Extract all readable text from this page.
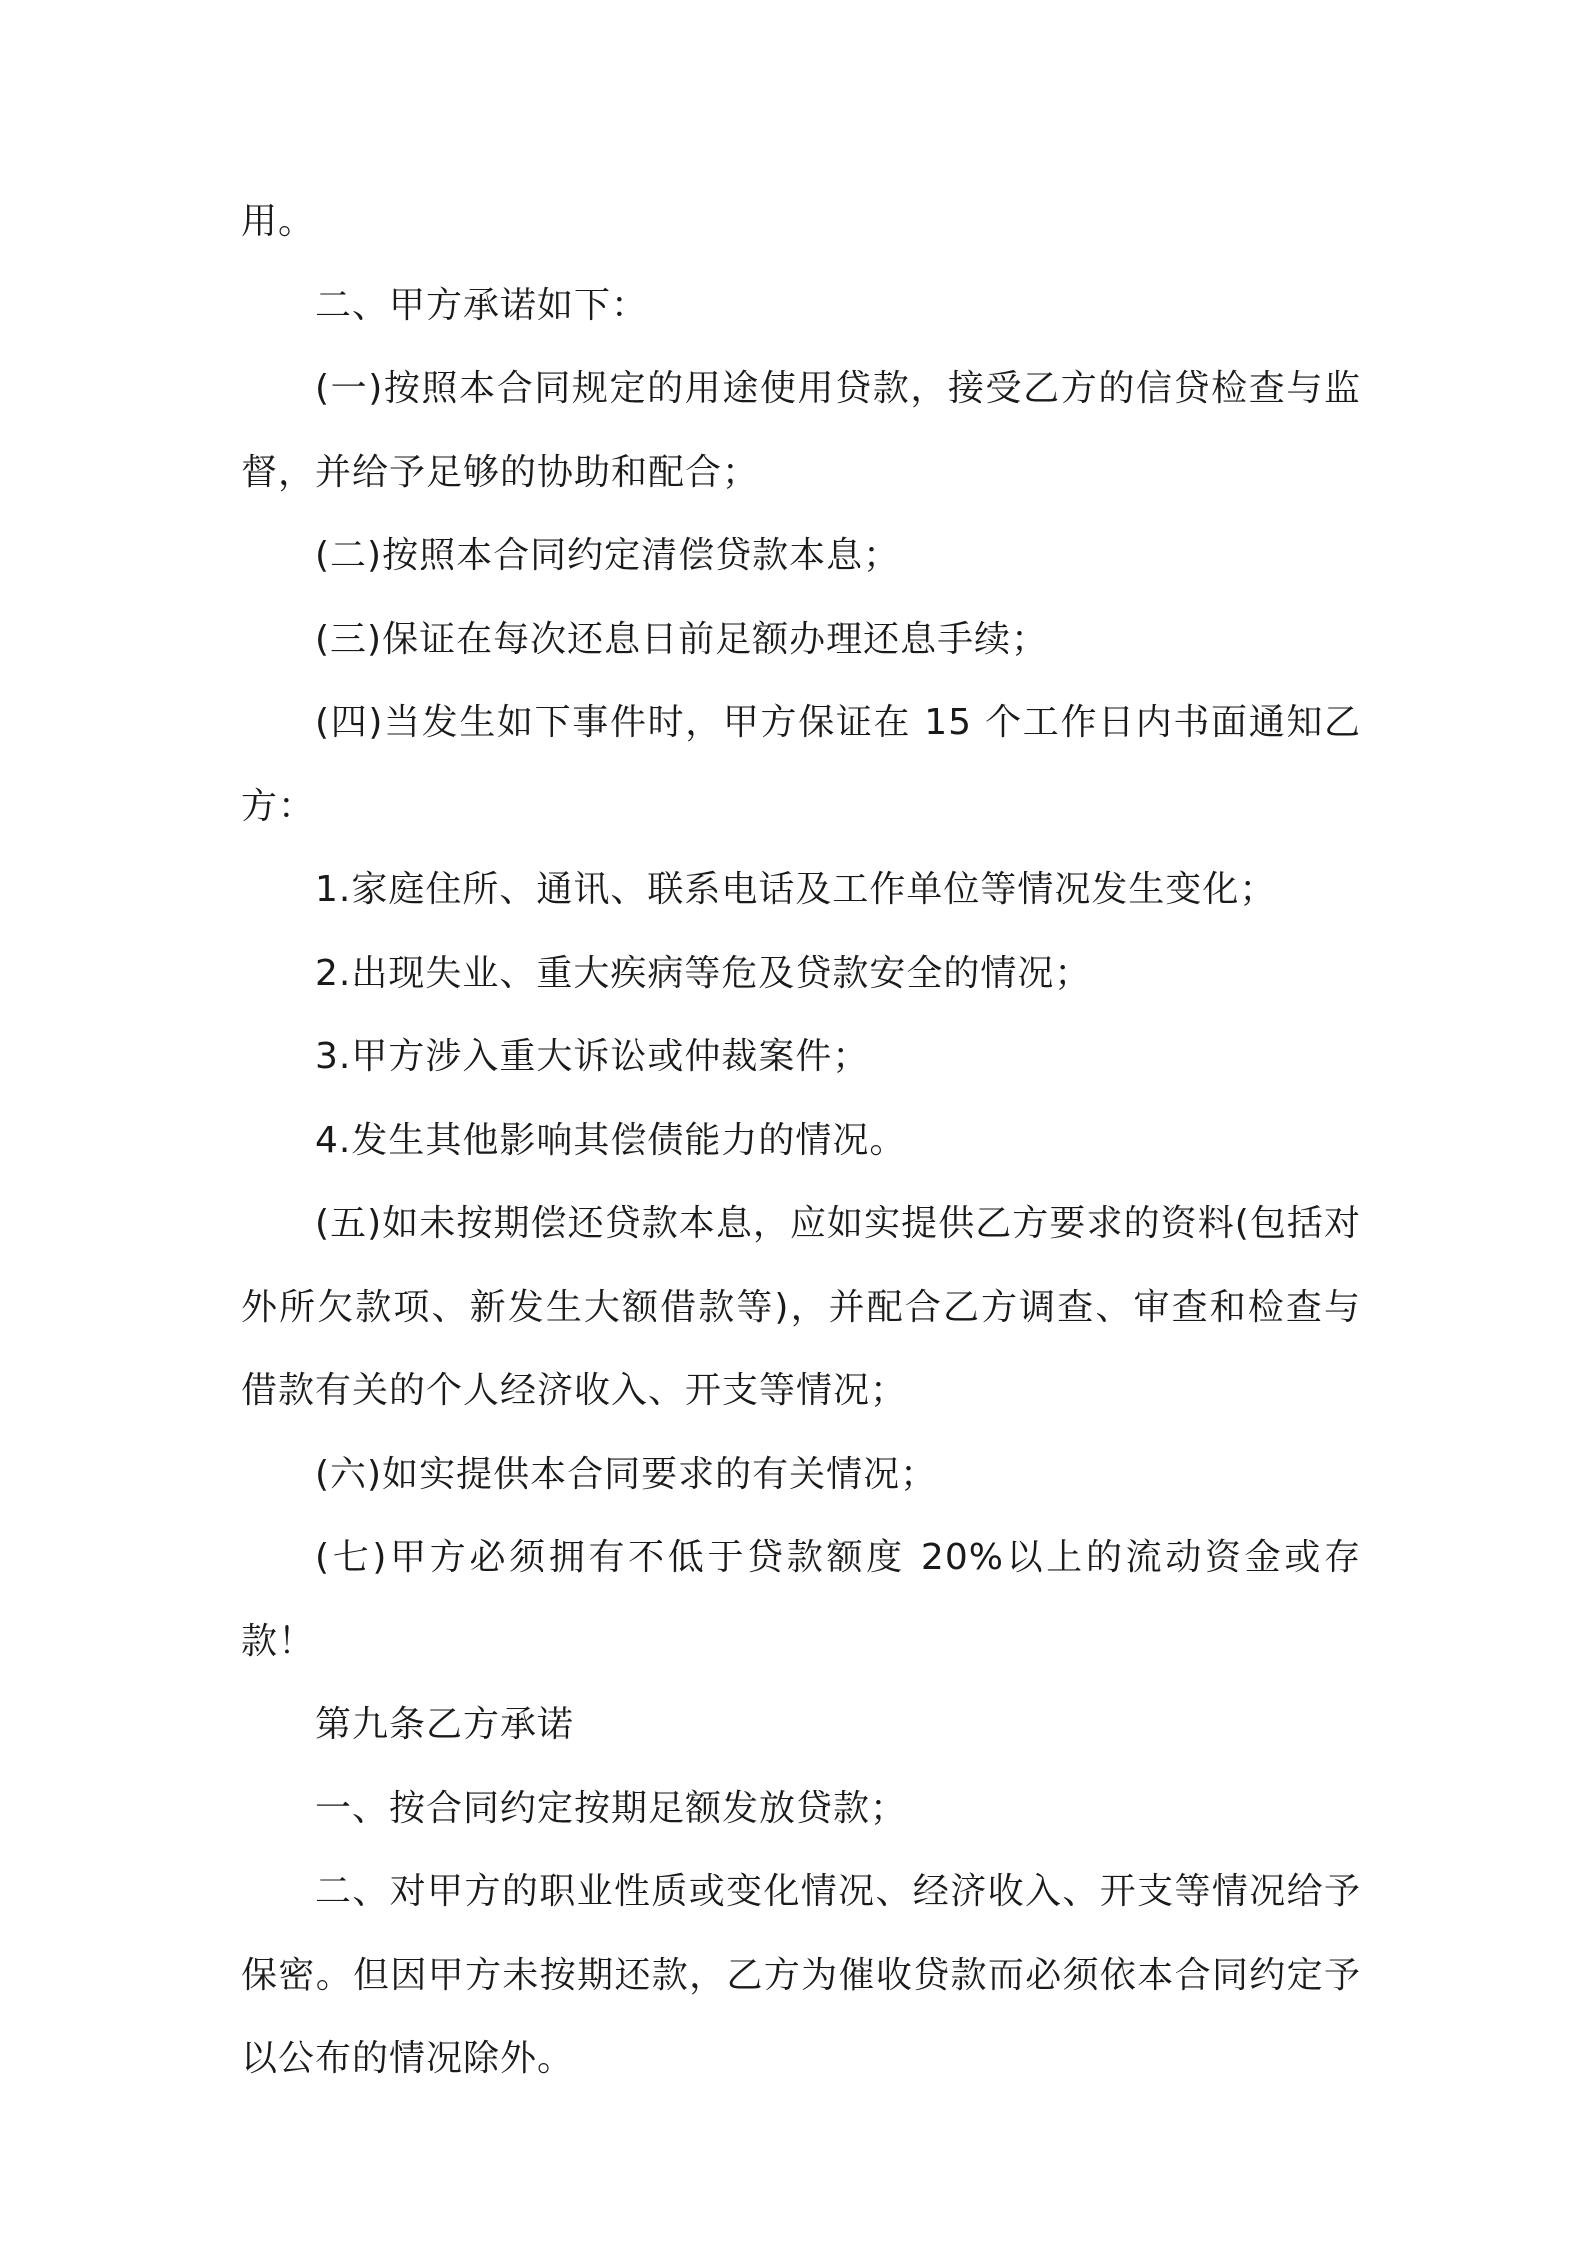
用。

二、甲方承诺如下：

(一)按照本合同规定的用途使用贷款，接受乙方的信贷检查与监督，并给予足够的协助和配合；

(二)按照本合同约定清偿贷款本息；

(三)保证在每次还息日前足额办理还息手续；

(四)当发生如下事件时，甲方保证在 15 个工作日内书面通知乙方：

1.家庭住所、通讯、联系电话及工作单位等情况发生变化；

2.出现失业、重大疾病等危及贷款安全的情况；

3.甲方涉入重大诉讼或仲裁案件；

4.发生其他影响其偿债能力的情况。

(五)如未按期偿还贷款本息，应如实提供乙方要求的资料(包括对外所欠款项、新发生大额借款等)，并配合乙方调查、审查和检查与借款有关的个人经济收入、开支等情况；

(六)如实提供本合同要求的有关情况；

(七)甲方必须拥有不低于贷款额度 20%以上的流动资金或存款！

第九条乙方承诺

一、按合同约定按期足额发放贷款；

二、对甲方的职业性质或变化情况、经济收入、开支等情况给予保密。但因甲方未按期还款，乙方为催收贷款而必须依本合同约定予以公布的情况除外。
